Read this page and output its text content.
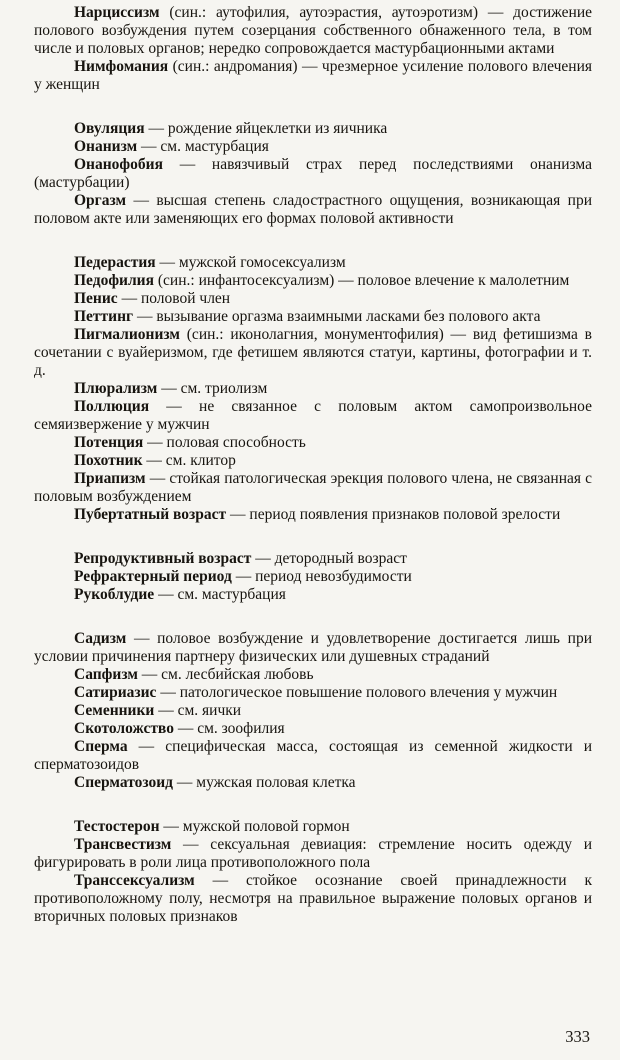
Нарциссизм (син.: аутофилия, аутоэрастия, аутоэротизм) — достижение полового возбуждения путем созерцания собственного обнаженного тела, в том числе и половых органов; нередко сопровождается мастурбационными актами

Нимфомания (син.: андромания) — чрезмерное усиление полового влечения у женщин

Овуляция — рождение яйцеклетки из яичника

Онанизм — см. мастурбация

Онанофобия — навязчивый страх перед последствиями онанизма (мастурбации)

Оргазм — высшая степень сладострастного ощущения, возникающая при половом акте или заменяющих его формах половой активности

Педерастия — мужской гомосексуализм

Педофилия (син.: инфантосексуализм) — половое влечение к малолетним

Пенис — половой член

Петтинг — вызывание оргазма взаимными ласками без полового акта

Пигмалионизм (син.: иконолагния, монументофилия) — вид фетишизма в сочетании с вуайеризмом, где фетишем являются статуи, картины, фотографии и т. д.

Плюрализм — см. триолизм

Поллюция — не связанное с половым актом самопроизвольное семяизвержение у мужчин

Потенция — половая способность

Похотник — см. клитор

Приапизм — стойкая патологическая эрекция полового члена, не связанная с половым возбуждением

Пубертатный возраст — период появления признаков половой зрелости

Репродуктивный возраст — детородный возраст

Рефрактерный период — период невозбудимости

Рукоблудие — см. мастурбация

Садизм — половое возбуждение и удовлетворение достигается лишь при условии причинения партнеру физических или душевных страданий

Сапфизм — см. лесбийская любовь

Сатириазис — патологическое повышение полового влечения у мужчин

Семенники — см. яички

Скотоложство — см. зоофилия

Сперма — специфическая масса, состоящая из семенной жидкости и сперматозоидов

Сперматозоид — мужская половая клетка

Тестостерон — мужской половой гормон

Трансвестизм — сексуальная девиация: стремление носить одежду и фигурировать в роли лица противоположного пола

Транссексуализм — стойкое осознание своей принадлежности к противоположному полу, несмотря на правильное выражение половых органов и вторичных половых признаков

333
